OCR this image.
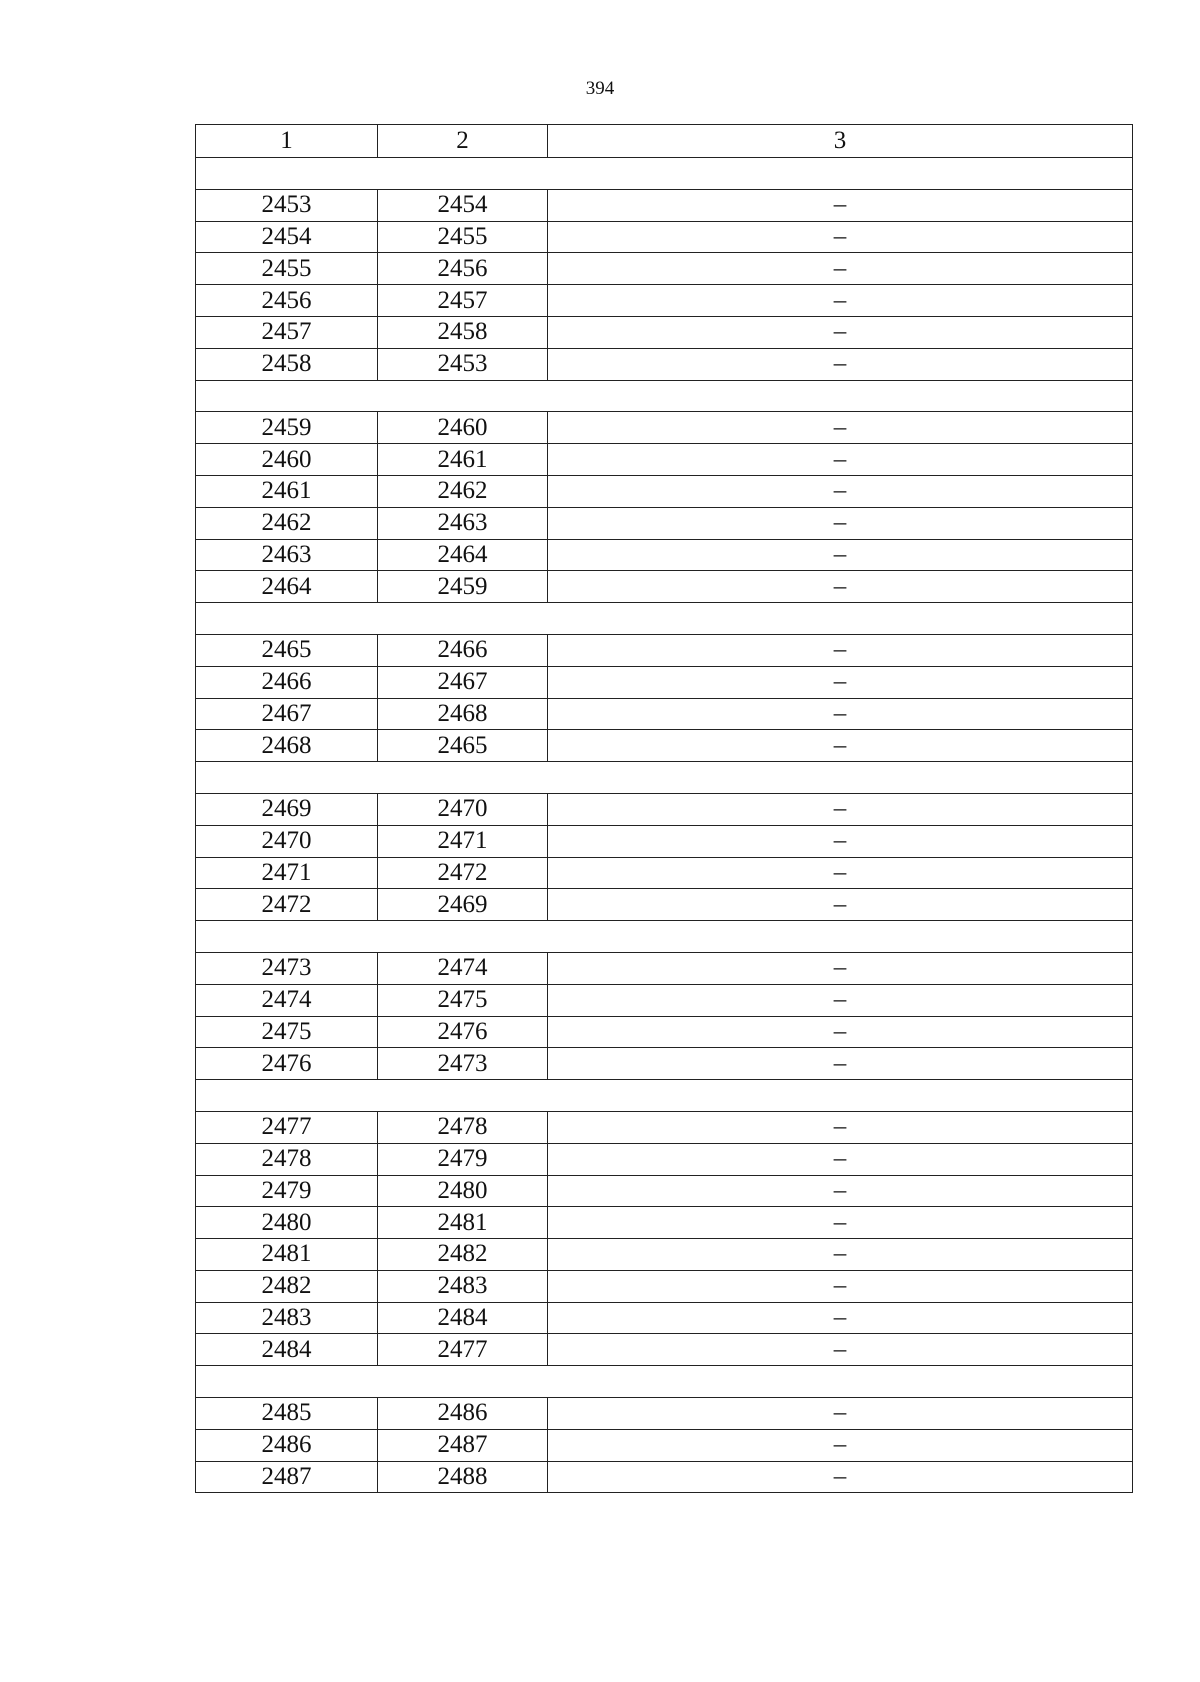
394
1	2	3

2453	2454	–
2454	2455	–
2455	2456	–
2456	2457	–
2457	2458	–
2458	2453	–

2459	2460	–
2460	2461	–
2461	2462	–
2462	2463	–
2463	2464	–
2464	2459	–

2465	2466	–
2466	2467	–
2467	2468	–
2468	2465	–

2469	2470	–
2470	2471	–
2471	2472	–
2472	2469	–

2473	2474	–
2474	2475	–
2475	2476	–
2476	2473	–

2477	2478	–
2478	2479	–
2479	2480	–
2480	2481	–
2481	2482	–
2482	2483	–
2483	2484	–
2484	2477	–

2485	2486	–
2486	2487	–
2487	2488	–
